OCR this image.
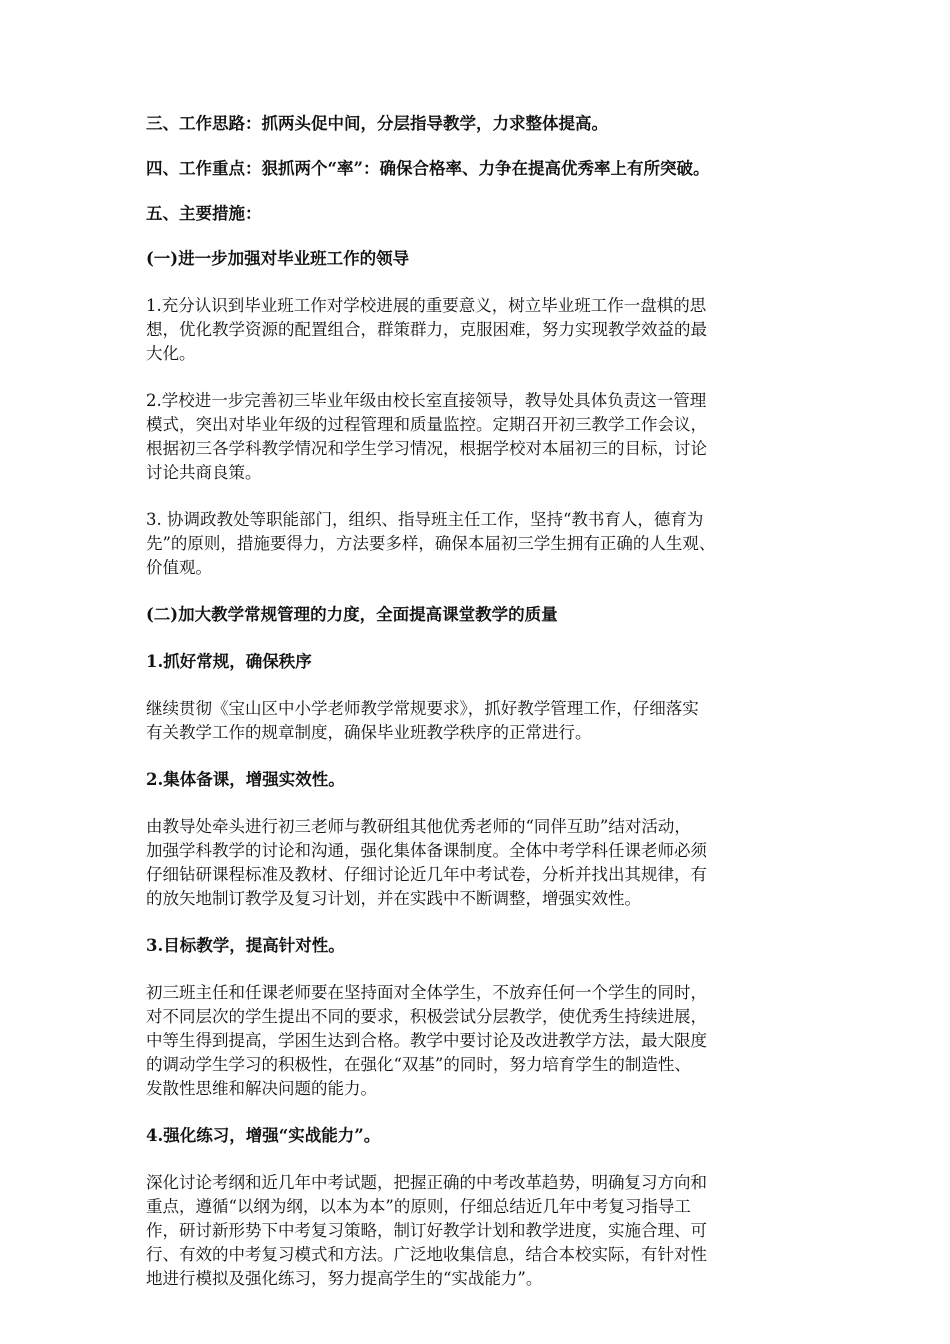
三、工作思路：抓两头促中间，分层指导教学，力求整体提高。

四、工作重点：狠抓两个“率”：确保合格率、力争在提高优秀率上有所突破。

五、主要措施：

(一)进一步加强对毕业班工作的领导

1.充分认识到毕业班工作对学校进展的重要意义，树立毕业班工作一盘棋的思

想，优化教学资源的配置组合，群策群力，克服困难，努力实现教学效益的最

大化。

2.学校进一步完善初三毕业年级由校长室直接领导，教导处具体负责这一管理

模式，突出对毕业年级的过程管理和质量监控。定期召开初三教学工作会议，

根据初三各学科教学情况和学生学习情况，根据学校对本届初三的目标，讨论

讨论共商良策。

3. 协调政教处等职能部门，组织、指导班主任工作，坚持“教书育人，德育为

先”的原则，措施要得力，方法要多样，确保本届初三学生拥有正确的人生观、

价值观。

(二)加大教学常规管理的力度，全面提高课堂教学的质量

1.抓好常规，确保秩序

继续贯彻《宝山区中小学老师教学常规要求》，抓好教学管理工作，仔细落实

有关教学工作的规章制度，确保毕业班教学秩序的正常进行。

2.集体备课，增强实效性。

由教导处牵头进行初三老师与教研组其他优秀老师的“同伴互助”结对活动，

加强学科教学的讨论和沟通，强化集体备课制度。全体中考学科任课老师必须

仔细钻研课程标准及教材、仔细讨论近几年中考试卷，分析并找出其规律，有

的放矢地制订教学及复习计划，并在实践中不断调整，增强实效性。

3.目标教学，提高针对性。

初三班主任和任课老师要在坚持面对全体学生，不放弃任何一个学生的同时，

对不同层次的学生提出不同的要求，积极尝试分层教学，使优秀生持续进展，

中等生得到提高，学困生达到合格。教学中要讨论及改进教学方法，最大限度

的调动学生学习的积极性，在强化“双基”的同时，努力培育学生的制造性、

发散性思维和解决问题的能力。

4.强化练习，增强“实战能力”。

深化讨论考纲和近几年中考试题，把握正确的中考改革趋势，明确复习方向和

重点，遵循“以纲为纲，以本为本”的原则，仔细总结近几年中考复习指导工

作，研讨新形势下中考复习策略，制订好教学计划和教学进度，实施合理、可

行、有效的中考复习模式和方法。广泛地收集信息，结合本校实际，有针对性

地进行模拟及强化练习，努力提高学生的“实战能力”。
